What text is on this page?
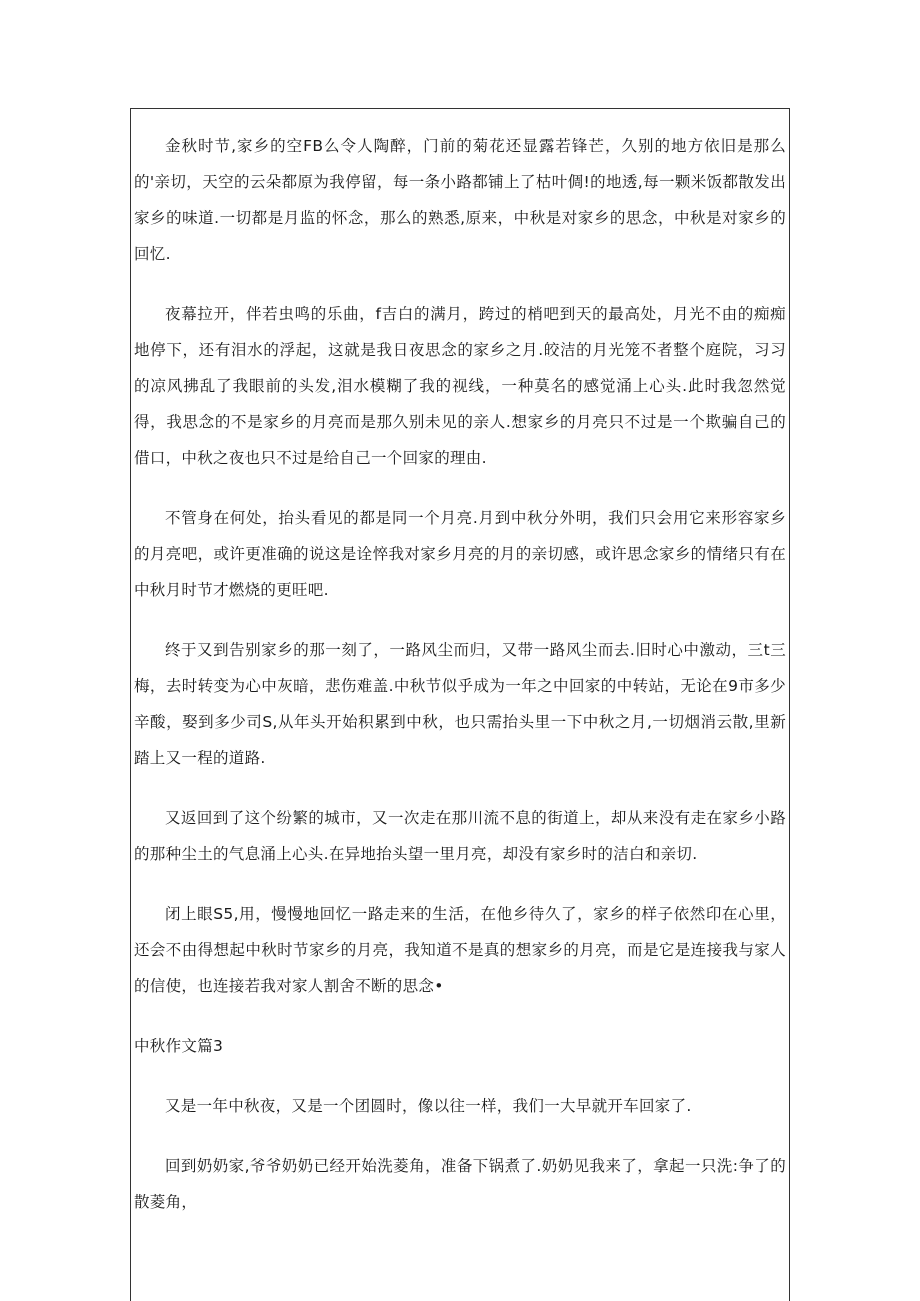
金秋时节,家乡的空FB么令人陶醉，门前的菊花还显露若锋芒，久别的地方依旧是那么的'亲切，天空的云朵都原为我停留，每一条小路都铺上了枯叶倜!的地透,每一颗米饭都散发出家乡的味道.一切都是月监的怀念，那么的熟悉,原来，中秋是对家乡的思念，中秋是对家乡的回忆.

夜幕拉开，伴若虫鸣的乐曲，f吉白的满月，跨过的梢吧到天的最高处，月光不由的痴痴地停下，还有泪水的浮起，这就是我日夜思念的家乡之月.皎洁的月光笼不者整个庭院，习习的凉风拂乱了我眼前的头发,泪水模糊了我的视线，一种莫名的感觉涌上心头.此时我忽然觉得，我思念的不是家乡的月亮而是那久别未见的亲人.想家乡的月亮只不过是一个欺骗自己的借口，中秋之夜也只不过是给自己一个回家的理由.

不管身在何处，抬头看见的都是同一个月亮.月到中秋分外明，我们只会用它来形容家乡的月亮吧，或许更准确的说这是诠悴我对家乡月亮的月的亲切感，或许思念家乡的情绪只有在中秋月时节才燃烧的更旺吧.

终于又到告别家乡的那一刻了，一路风尘而归，又带一路风尘而去.旧时心中激动，三t三梅，去时转变为心中灰暗，悲伤难盖.中秋节似乎成为一年之中回家的中转站，无论在9市多少辛酸，娶到多少司S,从年头开始积累到中秋，也只需抬头里一下中秋之月,一切烟消云散,里新踏上又一程的道路.

又返回到了这个纷繁的城市，又一次走在那川流不息的街道上，却从来没有走在家乡小路的那种尘土的气息涌上心头.在异地抬头望一里月亮，却没有家乡时的洁白和亲切.

闭上眼S5,用，慢慢地回忆一路走来的生活，在他乡待久了，家乡的样子依然印在心里，还会不由得想起中秋时节家乡的月亮，我知道不是真的想家乡的月亮，而是它是连接我与家人的信使，也连接若我对家人割舍不断的思念•

中秋作文篇3

又是一年中秋夜，又是一个团圆时，像以往一样，我们一大早就开车回家了.

回到奶奶家,爷爷奶奶已经开始洗菱角，准备下锅煮了.奶奶见我来了，拿起一只洗:争了的散菱角，
